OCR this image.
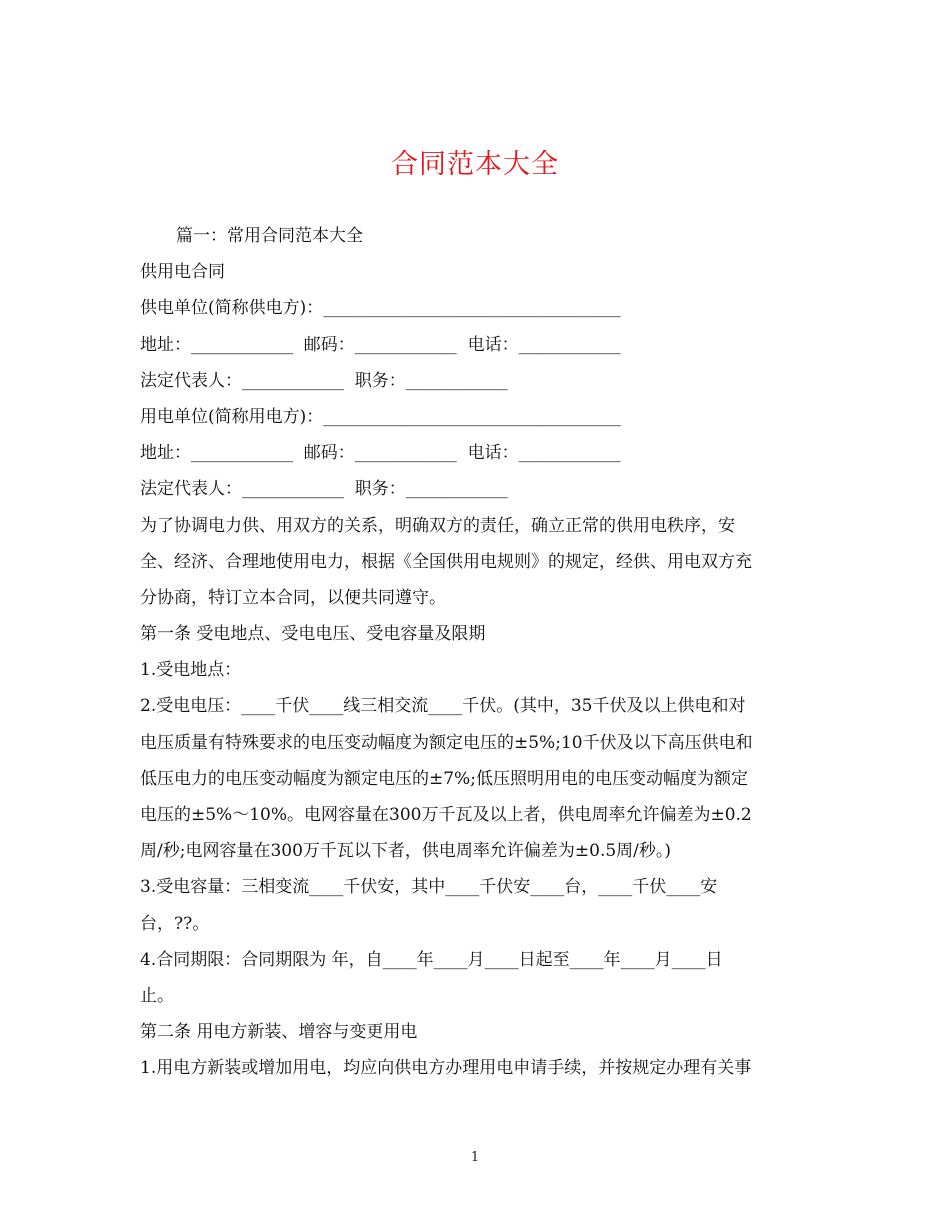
合同范本大全
篇一：常用合同范本大全
供用电合同
供电单位(简称供电方)：___________________________________
地址：____________  邮码：____________  电话：____________
法定代表人：____________  职务：____________
用电单位(简称用电方)：___________________________________
地址：____________  邮码：____________  电话：____________
法定代表人：____________  职务：____________
为了协调电力供、用双方的关系，明确双方的责任，确立正常的供用电秩序，安
全、经济、合理地使用电力，根据《全国供用电规则》的规定，经供、用电双方充
分协商，特订立本合同，以便共同遵守。
第一条 受电地点、受电电压、受电容量及限期
1.受电地点：
2.受电电压：____千伏____线三相交流____千伏。(其中，35千伏及以上供电和对
电压质量有特殊要求的电压变动幅度为额定电压的±5%;10千伏及以下高压供电和
低压电力的电压变动幅度为额定电压的±7%;低压照明用电的电压变动幅度为额定
电压的±5%～10%。电网容量在300万千瓦及以上者，供电周率允许偏差为±0.2
周/秒;电网容量在300万千瓦以下者，供电周率允许偏差为±0.5周/秒。)
3.受电容量：三相变流____千伏安，其中____千伏安____台，____千伏____安
台，??。
4.合同期限：合同期限为 年，自____年____月____日起至____年____月____日
止。
第二条 用电方新装、增容与变更用电
1.用电方新装或增加用电，均应向供电方办理用电申请手续，并按规定办理有关事
1
